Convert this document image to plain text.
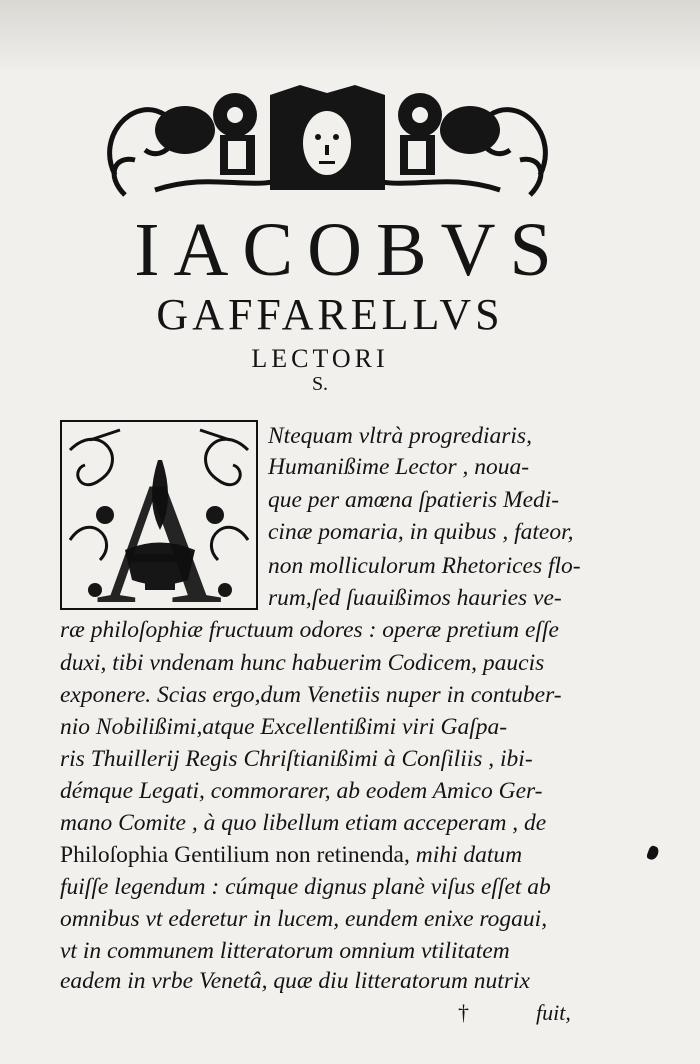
IACOBVS
GAFFARELLVS
LECTORI
S.
A
Ntequam vltrà progrediaris,
Humanißime Lector , noua-
que per amœna ſpatieris Medi-
cinæ pomaria, in quibus , fateor,
non molliculorum Rhetorices flo-
rum,ſed ſuauißimos hauries ve-
ræ philoſophiæ fructuum odores : operæ pretium eſſe
duxi, tibi vndenam hunc habuerim Codicem, paucis
exponere. Scias ergo,dum Venetiis nuper in contuber-
nio Nobilißimi,atque Excellentißimi viri Gaſpa-
ris Thuillerij Regis Chriſtianißimi à Conſiliis , ibi-
démque Legati, commorarer, ab eodem Amico Ger-
mano Comite , à quo libellum etiam acceperam , de
Philoſophia Gentilium non retinenda, mihi datum
fuiſſe legendum : cúmque dignus planè viſus eſſet ab
omnibus vt ederetur in lucem, eundem enixe rogaui,
vt in communem litteratorum omnium vtilitatem
eadem in vrbe Venetâ, quæ diu litteratorum nutrix
†	fuit,
